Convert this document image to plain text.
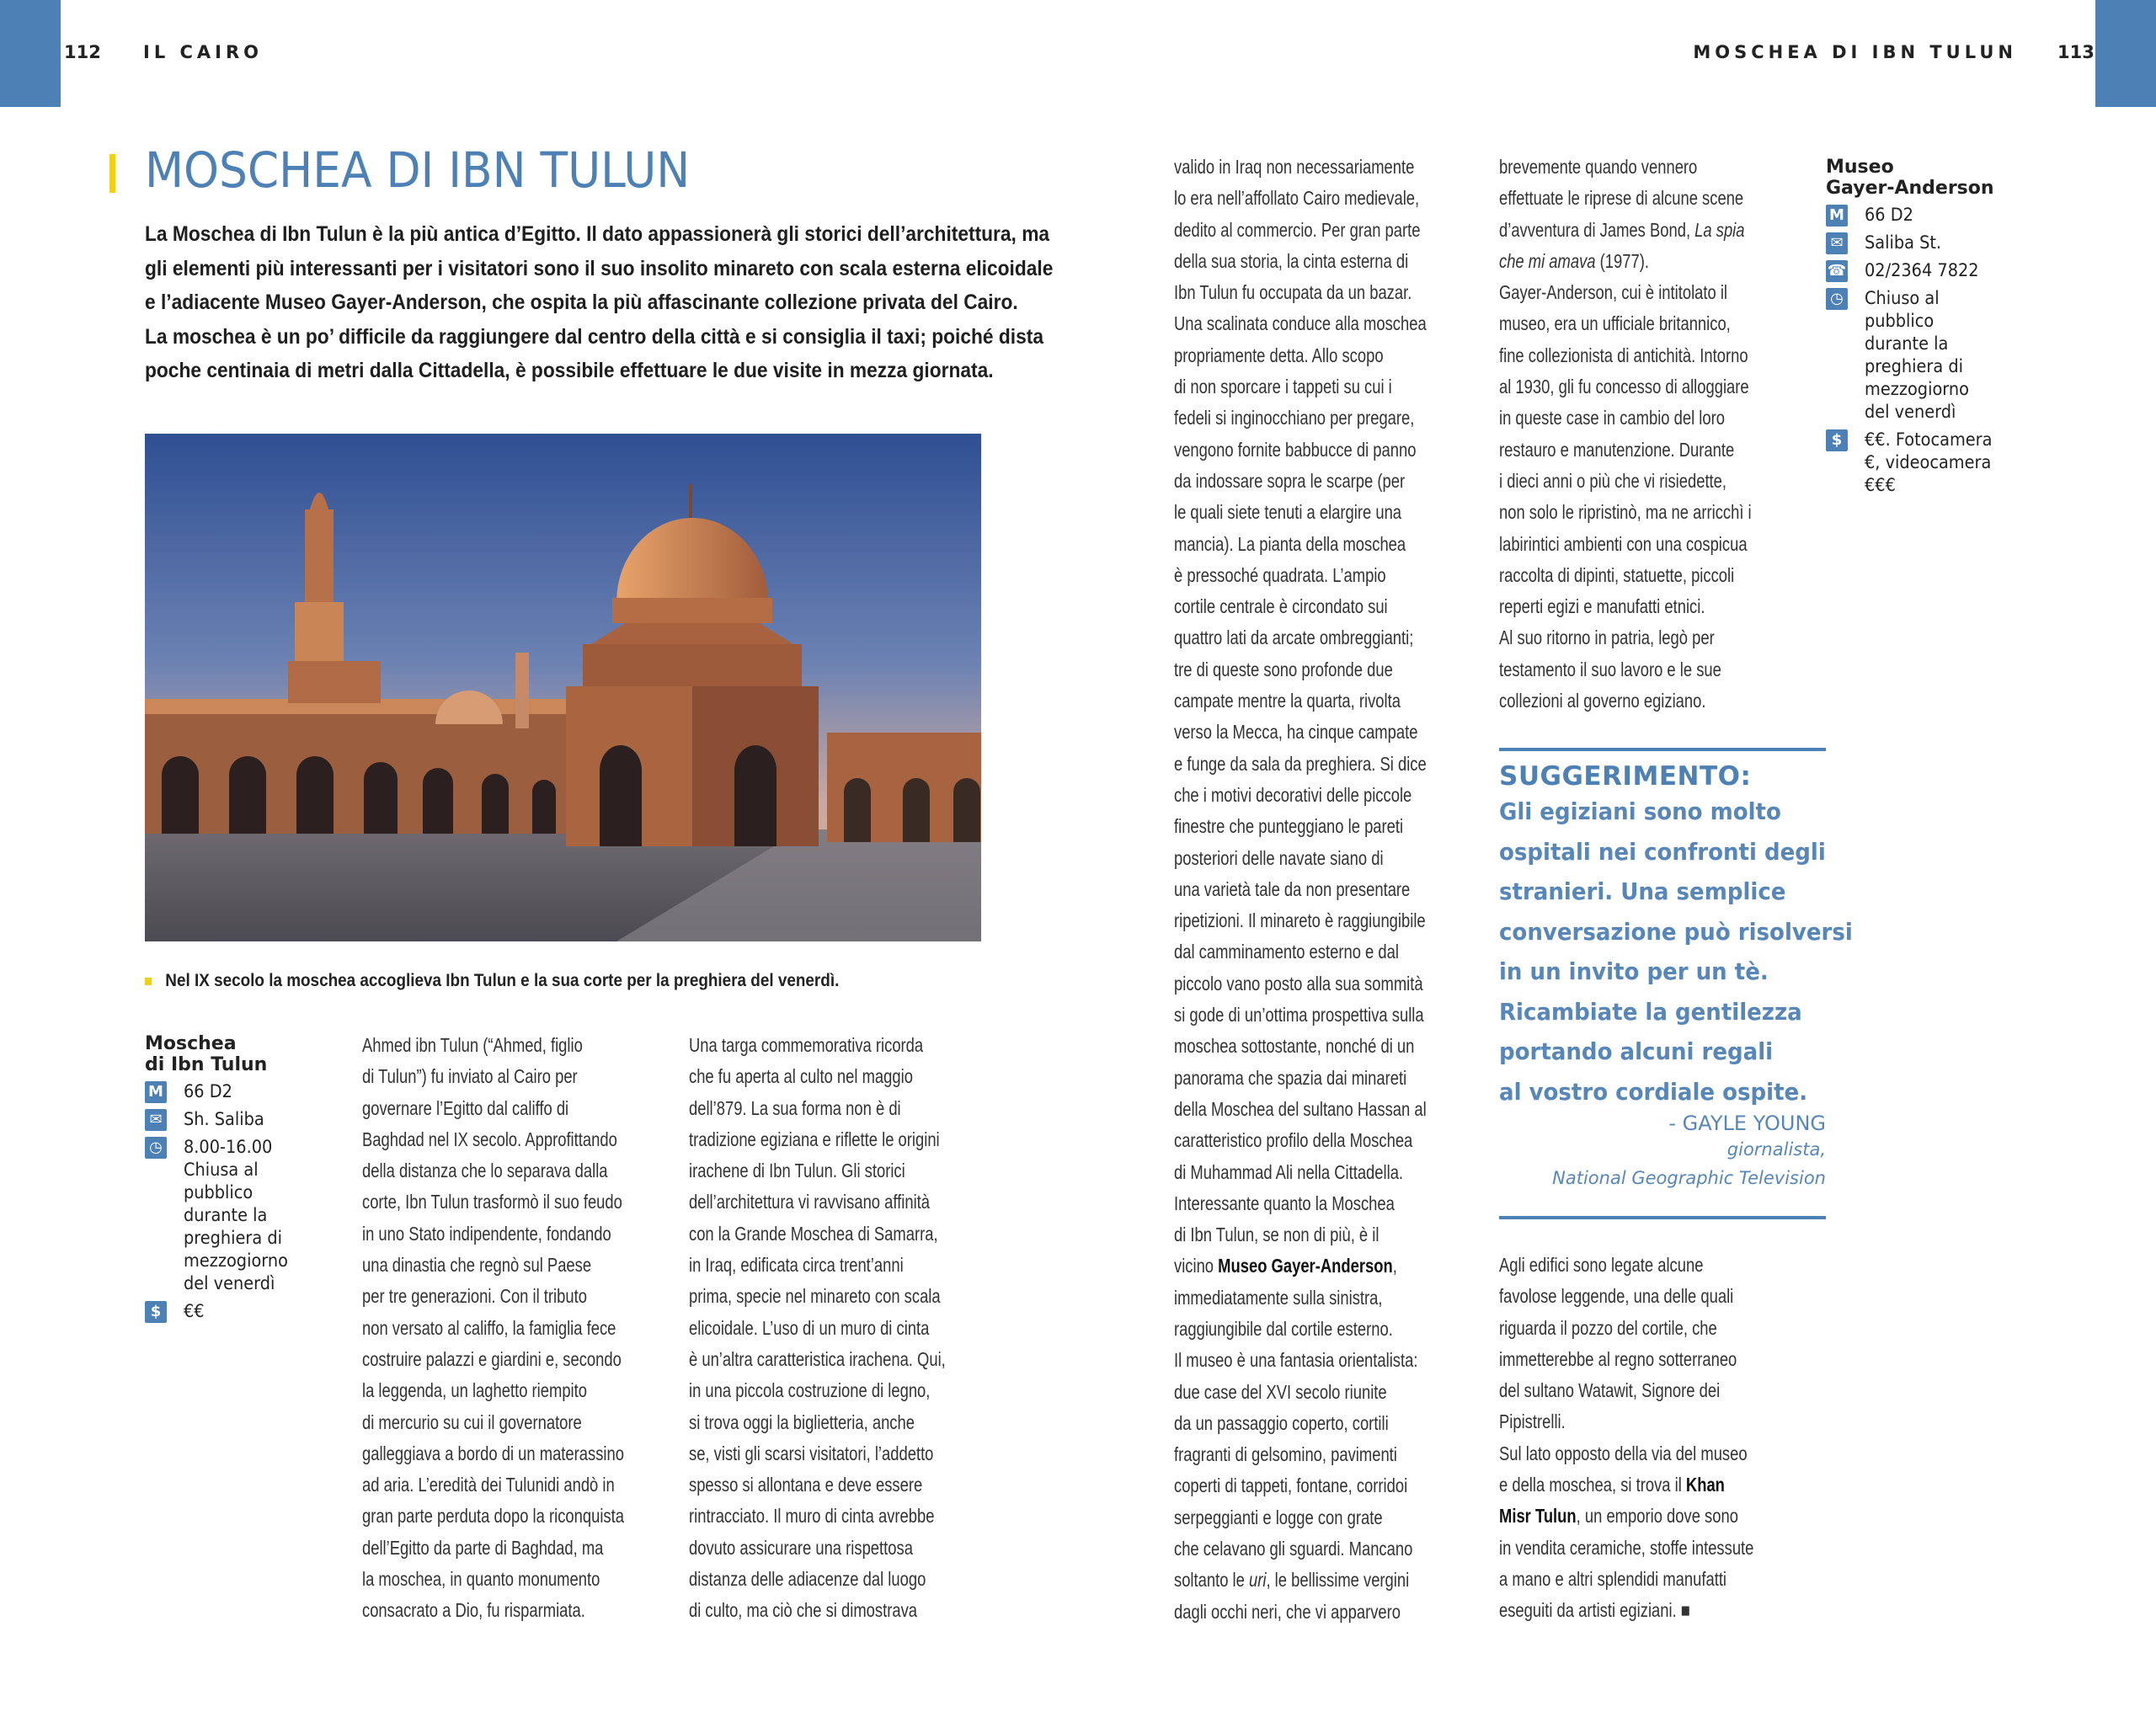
112 IL CAIRO	MOSCHEA DI IBN TULUN 113
MOSCHEA DI IBN TULUN
La Moschea di Ibn Tulun è la più antica d’Egitto. Il dato appassionerà gli storici dell’architettura, ma
gli elementi più interessanti per i visitatori sono il suo insolito minareto con scala esterna elicoidale
e l’adiacente Museo Gayer-Anderson, che ospita la più affascinante collezione privata del Cairo.
La moschea è un po’ difficile da raggiungere dal centro della città e si consiglia il taxi; poiché dista
poche centinaia di metri dalla Cittadella, è possibile effettuare le due visite in mezza giornata.
Nel IX secolo la moschea accoglieva Ibn Tulun e la sua corte per la preghiera del venerdì.
Moschea
di Ibn Tulun
M 66 D2
✉ Sh. Saliba
◷ 8.00-16.00
Chiusa al
pubblico
durante la
preghiera di
mezzogiorno
del venerdì
$	€€
Museo
Gayer-Anderson
M 66 D2
✉ Saliba St.
☎ 02/2364 7822
◷ Chiuso al
pubblico
durante la
preghiera di
mezzogiorno
del venerdì
$	€€. Fotocamera
€, videocamera
€€€
Ahmed ibn Tulun (“Ahmed, figlio
di Tulun”) fu inviato al Cairo per
governare l’Egitto dal califfo di
Baghdad nel IX secolo. Approfittando
della distanza che lo separava dalla
corte, Ibn Tulun trasformò il suo feudo
in uno Stato indipendente, fondando
una dinastia che regnò sul Paese
per tre generazioni. Con il tributo
non versato al califfo, la famiglia fece
costruire palazzi e giardini e, secondo
la leggenda, un laghetto riempito
di mercurio su cui il governatore
galleggiava a bordo di un materassino
ad aria. L’eredità dei Tulunidi andò in
gran parte perduta dopo la riconquista
dell’Egitto da parte di Baghdad, ma
la moschea, in quanto monumento
consacrato a Dio, fu risparmiata.
Una targa commemorativa ricorda
che fu aperta al culto nel maggio
dell’879. La sua forma non è di
tradizione egiziana e riflette le origini
irachene di Ibn Tulun. Gli storici
dell’architettura vi ravvisano affinità
con la Grande Moschea di Samarra,
in Iraq, edificata circa trent’anni
prima, specie nel minareto con scala
elicoidale. L’uso di un muro di cinta
è un’altra caratteristica irachena. Qui,
in una piccola costruzione di legno,
si trova oggi la biglietteria, anche
se, visti gli scarsi visitatori, l’addetto
spesso si allontana e deve essere
rintracciato. Il muro di cinta avrebbe
dovuto assicurare una rispettosa
distanza delle adiacenze dal luogo
di culto, ma ciò che si dimostrava
valido in Iraq non necessariamente
lo era nell’affollato Cairo medievale,
dedito al commercio. Per gran parte
della sua storia, la cinta esterna di
Ibn Tulun fu occupata da un bazar.
Una scalinata conduce alla moschea
propriamente detta. Allo scopo
di non sporcare i tappeti su cui i
fedeli si inginocchiano per pregare,
vengono fornite babbucce di panno
da indossare sopra le scarpe (per
le quali siete tenuti a elargire una
mancia). La pianta della moschea
è pressoché quadrata. L’ampio
cortile centrale è circondato sui
quattro lati da arcate ombreggianti;
tre di queste sono profonde due
campate mentre la quarta, rivolta
verso la Mecca, ha cinque campate
e funge da sala da preghiera. Si dice
che i motivi decorativi delle piccole
finestre che punteggiano le pareti
posteriori delle navate siano di
una varietà tale da non presentare
ripetizioni. Il minareto è raggiungibile
dal camminamento esterno e dal
piccolo vano posto alla sua sommità
si gode di un’ottima prospettiva sulla
moschea sottostante, nonché di un
panorama che spazia dai minareti
della Moschea del sultano Hassan al
caratteristico profilo della Moschea
di Muhammad Ali nella Cittadella.
Interessante quanto la Moschea
di Ibn Tulun, se non di più, è il
vicino Museo Gayer-Anderson,
immediatamente sulla sinistra,
raggiungibile dal cortile esterno.
Il museo è una fantasia orientalista:
due case del XVI secolo riunite
da un passaggio coperto, cortili
fragranti di gelsomino, pavimenti
coperti di tappeti, fontane, corridoi
serpeggianti e logge con grate
che celavano gli sguardi. Mancano
soltanto le uri, le bellissime vergini
dagli occhi neri, che vi apparvero
brevemente quando vennero
effettuate le riprese di alcune scene
d’avventura di James Bond, La spia
che mi amava (1977).
Gayer-Anderson, cui è intitolato il
museo, era un ufficiale britannico,
fine collezionista di antichità. Intorno
al 1930, gli fu concesso di alloggiare
in queste case in cambio del loro
restauro e manutenzione. Durante
i dieci anni o più che vi risiedette,
non solo le ripristinò, ma ne arricchì i
labirintici ambienti con una cospicua
raccolta di dipinti, statuette, piccoli
reperti egizi e manufatti etnici.
Al suo ritorno in patria, legò per
testamento il suo lavoro e le sue
collezioni al governo egiziano.
Agli edifici sono legate alcune
favolose leggende, una delle quali
riguarda il pozzo del cortile, che
immetterebbe al regno sotterraneo
del sultano Watawit, Signore dei
Pipistrelli.
Sul lato opposto della via del museo
e della moschea, si trova il Khan
Misr Tulun, un emporio dove sono
in vendita ceramiche, stoffe intessute
a mano e altri splendidi manufatti
eseguiti da artisti egiziani. ■
SUGGERIMENTO:
Gli egiziani sono molto
ospitali nei confronti degli
stranieri. Una semplice
conversazione può risolversi
in un invito per un tè.
Ricambiate la gentilezza
portando alcuni regali
al vostro cordiale ospite.
- GAYLE YOUNG
giornalista,
National Geographic Television
